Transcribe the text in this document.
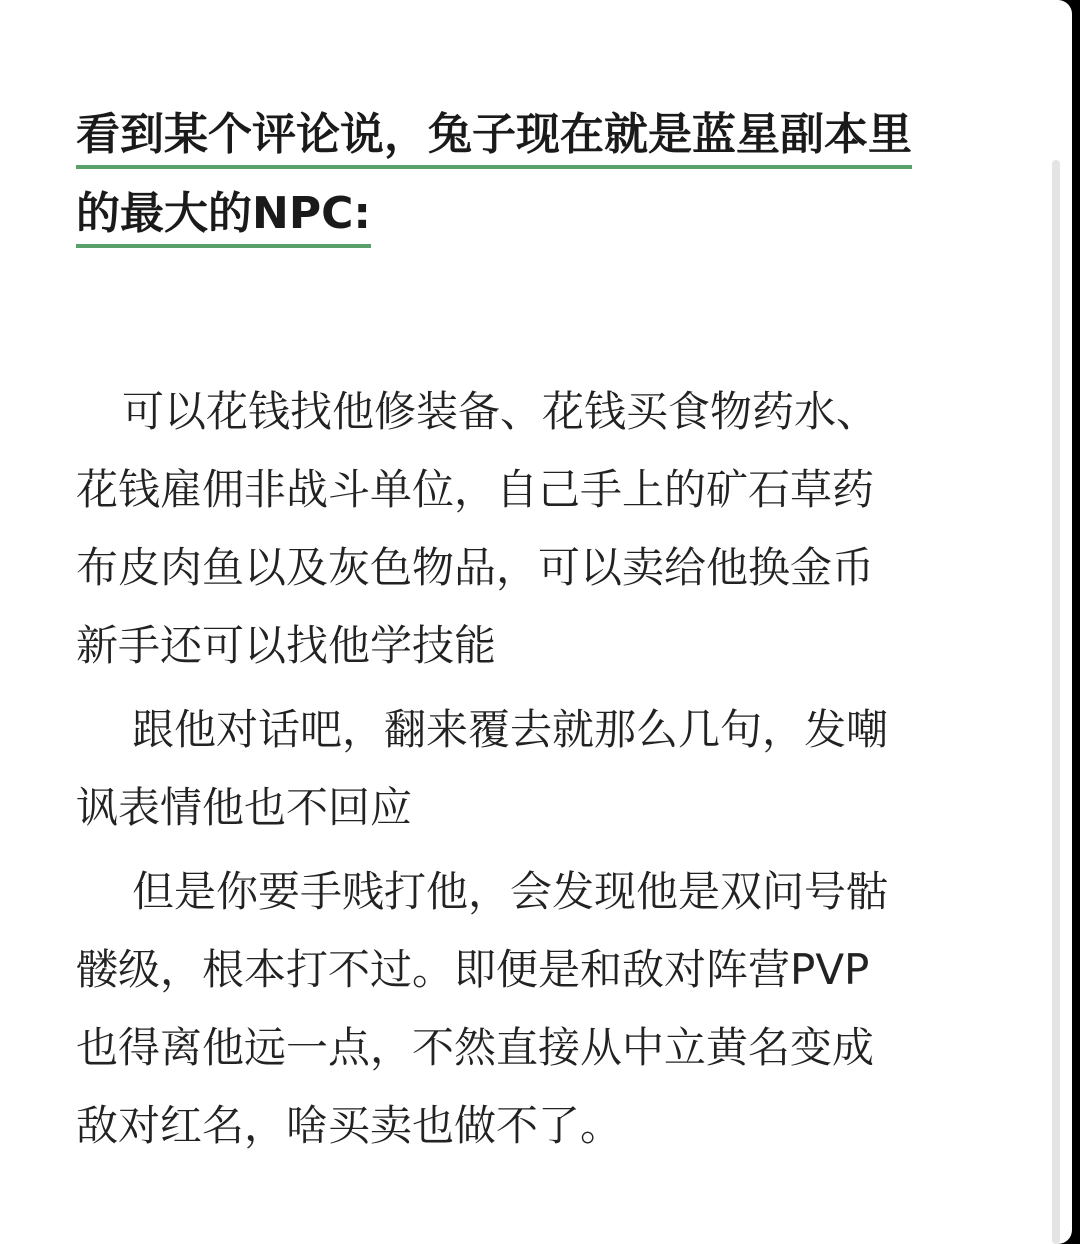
看到某个评论说，兔子现在就是蓝星副本里
的最大的NPC:
可以花钱找他修装备、花钱买食物药水、
花钱雇佣非战斗单位，自己手上的矿石草药
布皮肉鱼以及灰色物品，可以卖给他换金币
新手还可以找他学技能
跟他对话吧，翻来覆去就那么几句，发嘲
讽表情他也不回应
但是你要手贱打他，会发现他是双问号骷
髅级，根本打不过。即便是和敌对阵营PVP
也得离他远一点，不然直接从中立黄名变成
敌对红名，啥买卖也做不了。
